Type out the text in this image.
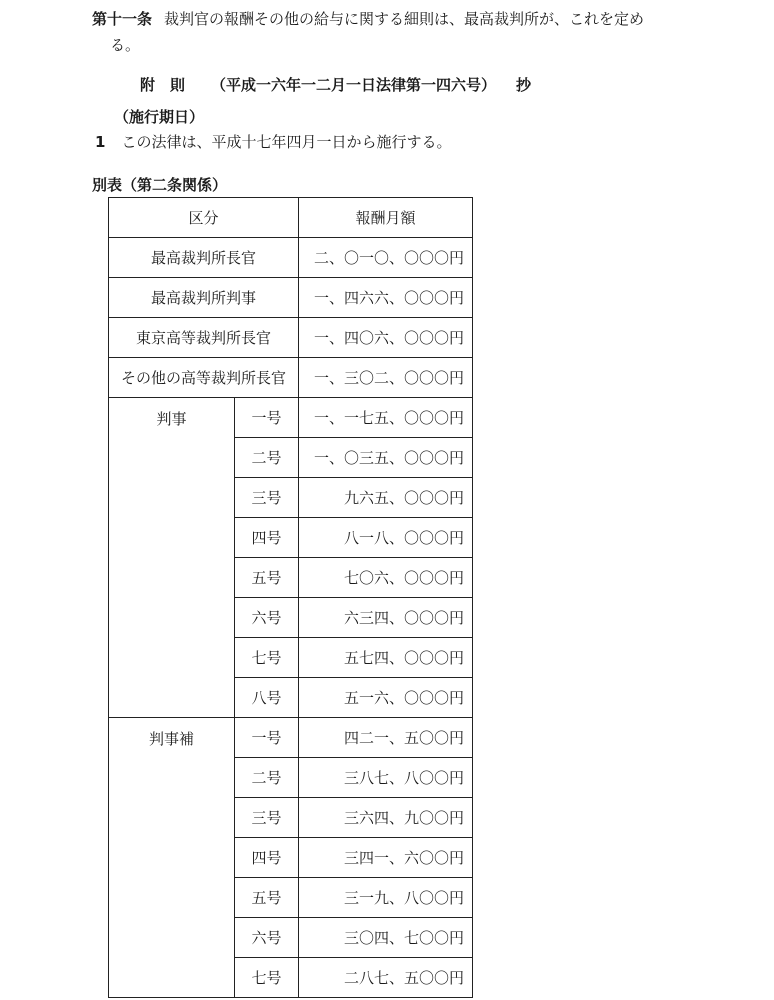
第十一条 裁判官の報酬その他の給与に関する細則は、最高裁判所が、これを定め
る。
附　則 （平成一六年一二月一日法律第一四六号） 抄
（施行期日）
1 この法律は、平成十七年四月一日から施行する。
別表（第二条関係）
区分		報酬月額
最高裁判所長官		二、〇一〇、〇〇〇円
最高裁判所判事		一、四六六、〇〇〇円
東京高等裁判所長官		一、四〇六、〇〇〇円
その他の高等裁判所長官		一、三〇二、〇〇〇円
判事	一号	一、一七五、〇〇〇円
	二号	一、〇三五、〇〇〇円
	三号	九六五、〇〇〇円
	四号	八一八、〇〇〇円
	五号	七〇六、〇〇〇円
	六号	六三四、〇〇〇円
	七号	五七四、〇〇〇円
	八号	五一六、〇〇〇円
判事補	一号	四二一、五〇〇円
	二号	三八七、八〇〇円
	三号	三六四、九〇〇円
	四号	三四一、六〇〇円
	五号	三一九、八〇〇円
	六号	三〇四、七〇〇円
	七号	二八七、五〇〇円
